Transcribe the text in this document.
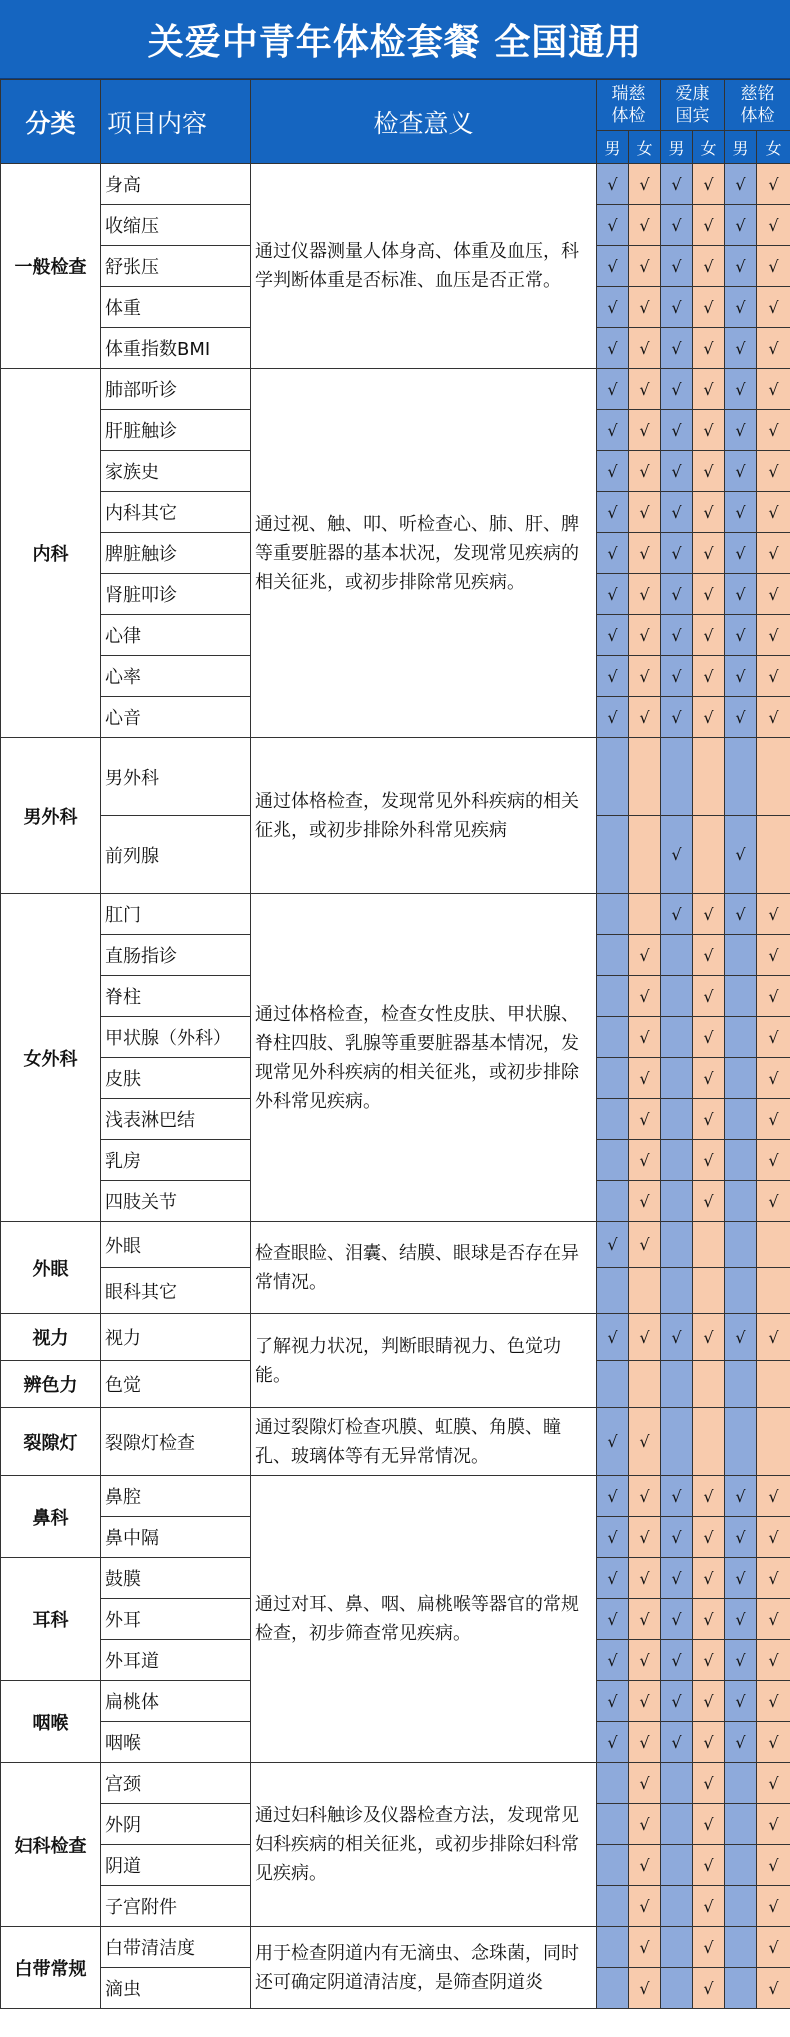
关爱中青年体检套餐 全国通用
分类	项目内容	检查意义	瑞慈
体检		爱康
国宾		慈铭
体检	
			男	女	男	女	男	女
一般检查	身高	通过仪器测量人体身高、体重及血压，科学判断体重是否标准、血压是否正常。	√	√	√	√	√	√
	收缩压		√	√	√	√	√	√
	舒张压		√	√	√	√	√	√
	体重		√	√	√	√	√	√
	体重指数BMI		√	√	√	√	√	√
内科	肺部听诊	通过视、触、叩、听检查心、肺、肝、脾等重要脏器的基本状况，发现常见疾病的相关征兆，或初步排除常见疾病。	√	√	√	√	√	√
	肝脏触诊		√	√	√	√	√	√
	家族史		√	√	√	√	√	√
	内科其它		√	√	√	√	√	√
	脾脏触诊		√	√	√	√	√	√
	肾脏叩诊		√	√	√	√	√	√
	心律		√	√	√	√	√	√
	心率		√	√	√	√	√	√
	心音		√	√	√	√	√	√
男外科	男外科	通过体格检查，发现常见外科疾病的相关征兆，或初步排除外科常见疾病						
	前列腺				√		√	
女外科	肛门	通过体格检查，检查女性皮肤、甲状腺、脊柱四肢、乳腺等重要脏器基本情况，发现常见外科疾病的相关征兆，或初步排除外科常见疾病。			√	√	√	√
	直肠指诊			√		√		√
	脊柱			√		√		√
	甲状腺（外科）			√		√		√
	皮肤			√		√		√
	浅表淋巴结			√		√		√
	乳房			√		√		√
	四肢关节			√		√		√
外眼	外眼	检查眼睑、泪囊、结膜、眼球是否存在异常情况。	√	√				
	眼科其它							
视力	视力	了解视力状况，判断眼睛视力、色觉功能。	√	√	√	√	√	√
辨色力	色觉							
裂隙灯	裂隙灯检查	通过裂隙灯检查巩膜、虹膜、角膜、瞳孔、玻璃体等有无异常情况。	√	√				
鼻科	鼻腔	通过对耳、鼻、咽、扁桃喉等器官的常规检查，初步筛查常见疾病。	√	√	√	√	√	√
	鼻中隔		√	√	√	√	√	√
耳科	鼓膜		√	√	√	√	√	√
	外耳		√	√	√	√	√	√
	外耳道		√	√	√	√	√	√
咽喉	扁桃体		√	√	√	√	√	√
	咽喉		√	√	√	√	√	√
妇科检查	宫颈	通过妇科触诊及仪器检查方法，发现常见妇科疾病的相关征兆，或初步排除妇科常见疾病。		√		√		√
	外阴			√		√		√
	阴道			√		√		√
	子宫附件			√		√		√
白带常规	白带清洁度	用于检查阴道内有无滴虫、念珠菌，同时还可确定阴道清洁度，是筛查阴道炎		√		√		√
	滴虫			√		√		√
